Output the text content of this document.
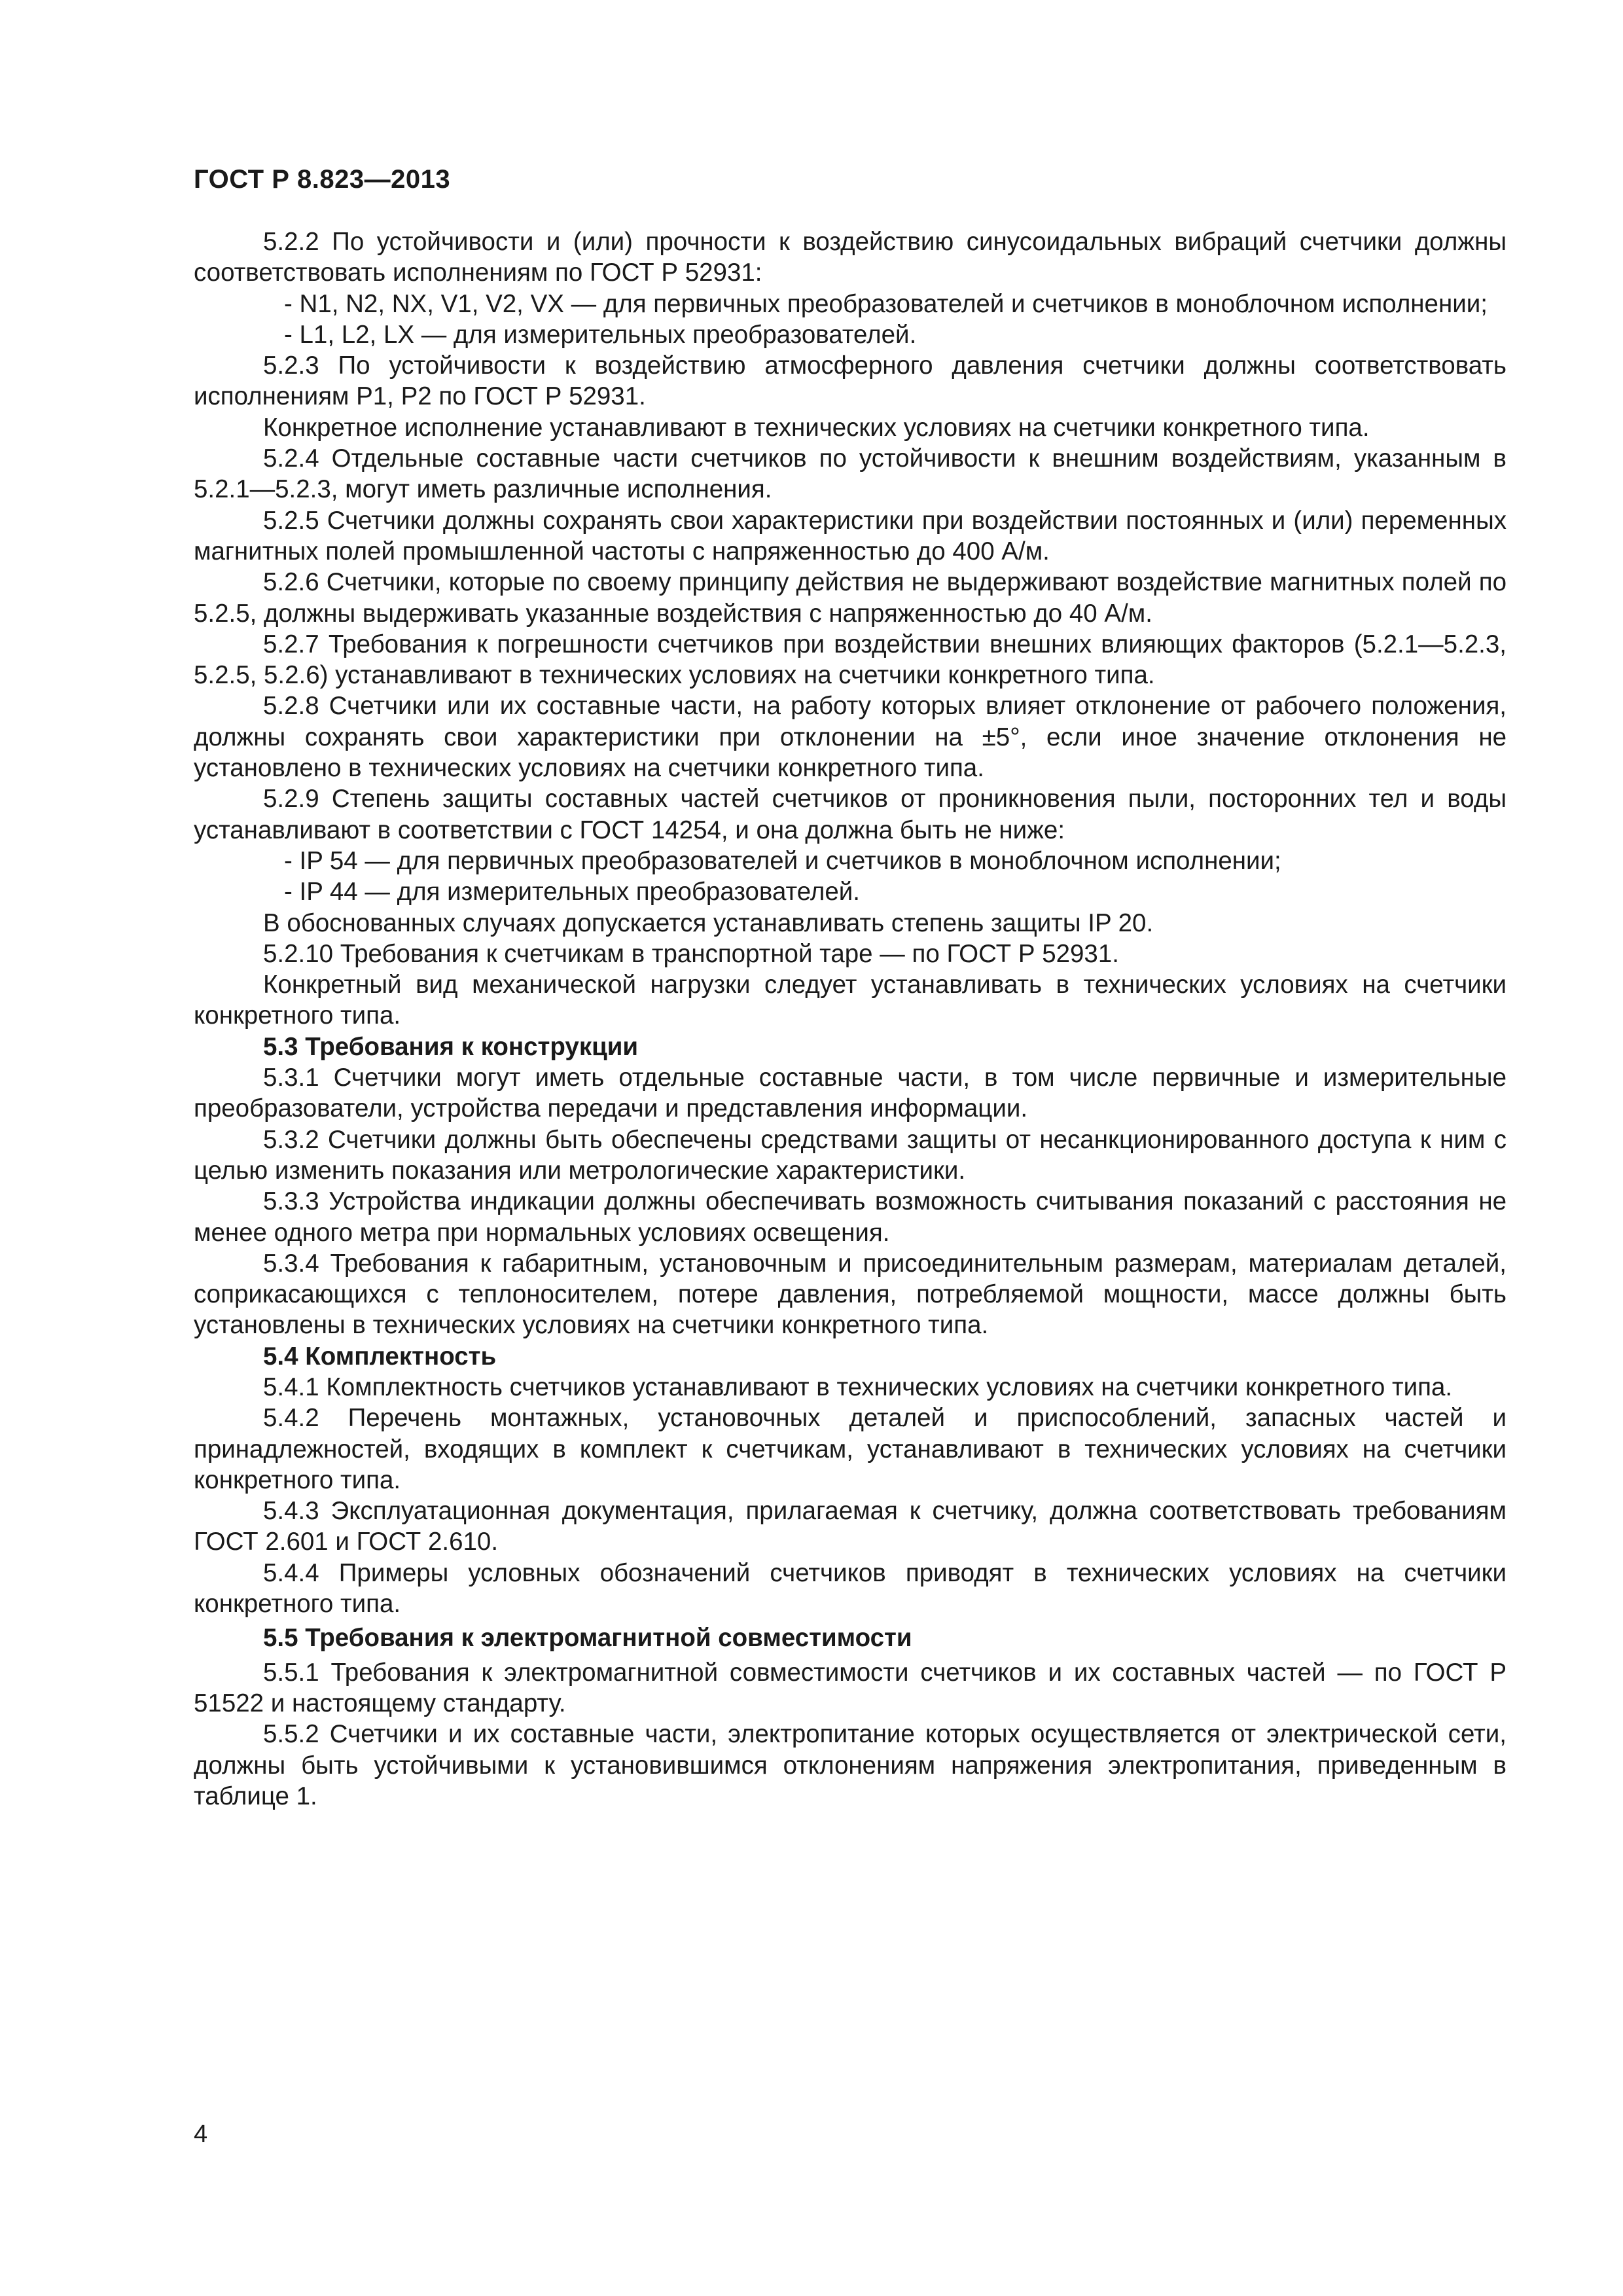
ГОСТ Р 8.823—2013

5.2.2 По устойчивости и (или) прочности к воздействию синусоидальных вибраций счетчики должны соответствовать исполнениям по ГОСТ Р 52931:

- N1, N2, NX, V1, V2, VX — для первичных преобразователей и счетчиков в моноблочном исполнении;

- L1, L2, LX — для измерительных преобразователей.

5.2.3 По устойчивости к воздействию атмосферного давления счетчики должны соответствовать исполнениям P1, P2 по ГОСТ Р 52931.

Конкретное исполнение устанавливают в технических условиях на счетчики конкретного типа.

5.2.4 Отдельные составные части счетчиков по устойчивости к внешним воздействиям, указанным в 5.2.1—5.2.3, могут иметь различные исполнения.

5.2.5 Счетчики должны сохранять свои характеристики при воздействии постоянных и (или) переменных магнитных полей промышленной частоты с напряженностью до 400 А/м.

5.2.6 Счетчики, которые по своему принципу действия не выдерживают воздействие магнитных полей по 5.2.5, должны выдерживать указанные воздействия с напряженностью до 40 А/м.

5.2.7 Требования к погрешности счетчиков при воздействии внешних влияющих факторов (5.2.1—5.2.3, 5.2.5, 5.2.6) устанавливают в технических условиях на счетчики конкретного типа.

5.2.8 Счетчики или их составные части, на работу которых влияет отклонение от рабочего положения, должны сохранять свои характеристики при отклонении на ±5°, если иное значение отклонения не установлено в технических условиях на счетчики конкретного типа.

5.2.9 Степень защиты составных частей счетчиков от проникновения пыли, посторонних тел и воды устанавливают в соответствии с ГОСТ 14254, и она должна быть не ниже:

- IP 54 — для первичных преобразователей и счетчиков в моноблочном исполнении;

- IP 44 — для измерительных преобразователей.

В обоснованных случаях допускается устанавливать степень защиты IP 20.

5.2.10 Требования к счетчикам в транспортной таре — по ГОСТ Р 52931.

Конкретный вид механической нагрузки следует устанавливать в технических условиях на счетчики конкретного типа.

5.3 Требования к конструкции

5.3.1 Счетчики могут иметь отдельные составные части, в том числе первичные и измерительные преобразователи, устройства передачи и представления информации.

5.3.2 Счетчики должны быть обеспечены средствами защиты от несанкционированного доступа к ним с целью изменить показания или метрологические характеристики.

5.3.3 Устройства индикации должны обеспечивать возможность считывания показаний с расстояния не менее одного метра при нормальных условиях освещения.

5.3.4 Требования к габаритным, установочным и присоединительным размерам, материалам деталей, соприкасающихся с теплоносителем, потере давления, потребляемой мощности, массе должны быть установлены в технических условиях на счетчики конкретного типа.

5.4 Комплектность

5.4.1 Комплектность счетчиков устанавливают в технических условиях на счетчики конкретного типа.

5.4.2 Перечень монтажных, установочных деталей и приспособлений, запасных частей и принадлежностей, входящих в комплект к счетчикам, устанавливают в технических условиях на счетчики конкретного типа.

5.4.3 Эксплуатационная документация, прилагаемая к счетчику, должна соответствовать требованиям ГОСТ 2.601 и ГОСТ 2.610.

5.4.4 Примеры условных обозначений счетчиков приводят в технических условиях на счетчики конкретного типа.

5.5 Требования к электромагнитной совместимости

5.5.1 Требования к электромагнитной совместимости счетчиков и их составных частей — по ГОСТ Р 51522 и настоящему стандарту.

5.5.2 Счетчики и их составные части, электропитание которых осуществляется от электрической сети, должны быть устойчивыми к установившимся отклонениям напряжения электропитания, приведенным в таблице 1.

4
